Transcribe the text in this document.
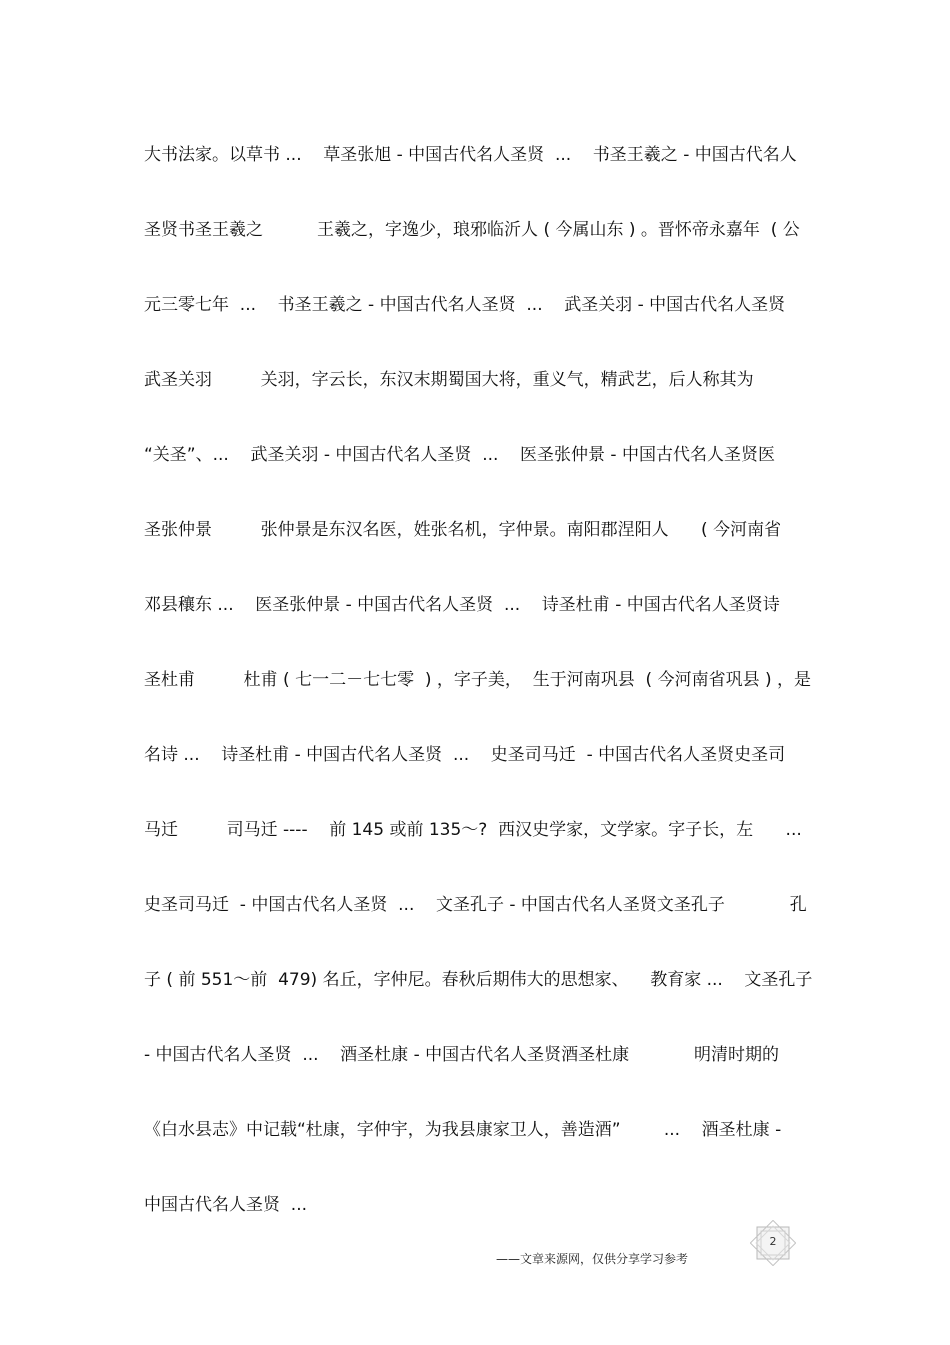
大书法家。以草书 ...    草圣张旭 - 中国古代名人圣贤  ...    书圣王羲之 - 中国古代名人
圣贤书圣王羲之          王羲之，字逸少，琅邪临沂人 ( 今属山东 ) 。晋怀帝永嘉年  ( 公
元三零七年  ...    书圣王羲之 - 中国古代名人圣贤  ...    武圣关羽 - 中国古代名人圣贤
武圣关羽         关羽，字云长，东汉末期蜀国大将，重义气，精武艺，后人称其为
“关圣”、...    武圣关羽 - 中国古代名人圣贤  ...    医圣张仲景 - 中国古代名人圣贤医
圣张仲景         张仲景是东汉名医，姓张名机，字仲景。南阳郡涅阳人      ( 今河南省
邓县穰东 ...    医圣张仲景 - 中国古代名人圣贤  ...    诗圣杜甫 - 中国古代名人圣贤诗
圣杜甫         杜甫 ( 七一二－七七零  ) ，字子美，  生于河南巩县  ( 今河南省巩县 ) ，是
名诗 ...    诗圣杜甫 - 中国古代名人圣贤  ...    史圣司马迁  - 中国古代名人圣贤史圣司
马迁         司马迁 ----    前 145 或前 135～?  西汉史学家，文学家。字子长，左      ...
史圣司马迁  - 中国古代名人圣贤  ...    文圣孔子 - 中国古代名人圣贤文圣孔子            孔
子 ( 前 551～前  479) 名丘，字仲尼。春秋后期伟大的思想家、    教育家 ...    文圣孔子
- 中国古代名人圣贤  ...    酒圣杜康 - 中国古代名人圣贤酒圣杜康            明清时期的
《白水县志》中记载“杜康，字仲宇，为我县康家卫人，善造酒”        ...    酒圣杜康 -
中国古代名人圣贤  ...
2
——文章来源网，仅供分享学习参考
